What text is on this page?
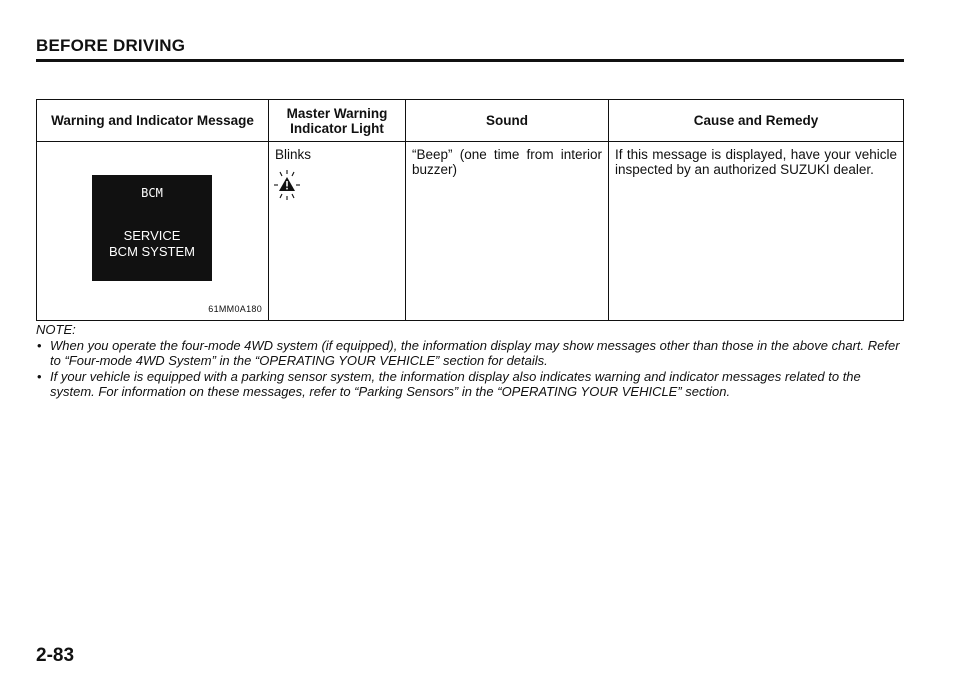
BEFORE DRIVING
Warning and Indicator Message	Master Warning Indicator Light	Sound	Cause and Remedy

BCM
SERVICE
BCM SYSTEM
61MM0A180	Blinks	“Beep” (one time from interior buzzer)	If this message is displayed, have your vehicle inspected by an authorized SUZUKI dealer.
NOTE:
• When you operate the four-mode 4WD system (if equipped), the information display may show messages other than those in the above chart. Refer to “Four-mode 4WD System” in the “OPERATING YOUR VEHICLE” section for details.
• If your vehicle is equipped with a parking sensor system, the information display also indicates warning and indicator messages related to the system. For information on these messages, refer to “Parking Sensors” in the “OPERATING YOUR VEHICLE” section.
2-83
